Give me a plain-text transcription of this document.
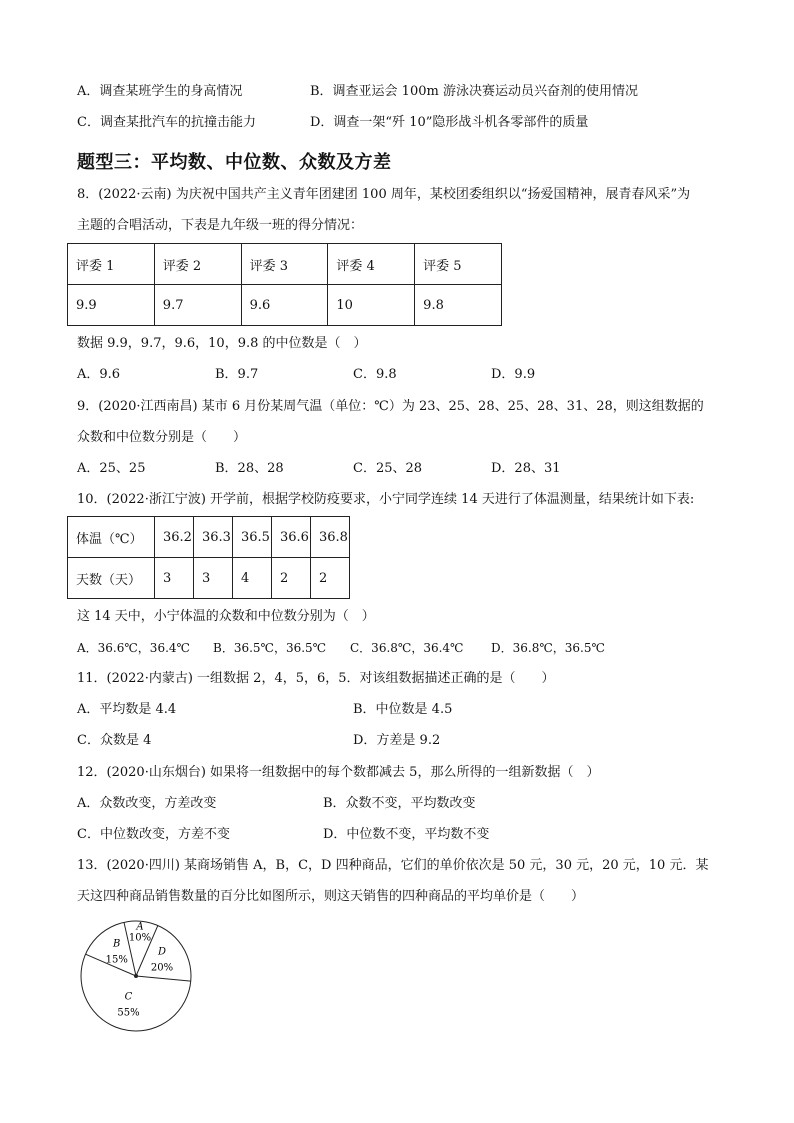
A．调查某班学生的身高情况	B．调查亚运会 100m 游泳决赛运动员兴奋剂的使用情况
C．调查某批汽车的抗撞击能力	D．调查一架“歼 10”隐形战斗机各零部件的质量
题型三：平均数、中位数、众数及方差
8．(2022·云南) 为庆祝中国共产主义青年团建团 100 周年，某校团委组织以“扬爱国精神，展青春风采”为
主题的合唱活动，下表是九年级一班的得分情况：
评委 1	评委 2	评委 3	评委 4	评委 5
9.9	9.7	9.6	10	9.8
数据 9.9，9.7，9.6，10，9.8 的中位数是（　）
A．9.6	B．9.7	C．9.8	D．9.9
9．(2020·江西南昌) 某市 6 月份某周气温（单位：℃）为 23、25、28、25、28、31、28，则这组数据的
众数和中位数分别是（　　）
A．25、25	B．28、28	C．25、28	D．28、31
10．(2022·浙江宁波) 开学前，根据学校防疫要求，小宁同学连续 14 天进行了体温测量，结果统计如下表:
体温（℃）	36.2	36.3	36.5	36.6	36.8
天数（天）	3	3	4	2	2
这 14 天中，小宁体温的众数和中位数分别为（　）
A．36.6℃，36.4℃ B．36.5℃，36.5℃ C．36.8℃，36.4℃ D．36.8℃，36.5℃
11．(2022·内蒙古) 一组数据 2，4，5，6，5．对该组数据描述正确的是（　　）
A．平均数是 4.4	B．中位数是 4.5
C．众数是 4	D．方差是 9.2
12．(2020·山东烟台) 如果将一组数据中的每个数都减去 5，那么所得的一组新数据（　）
A．众数改变，方差改变	B．众数不变，平均数改变
C．中位数改变，方差不变	D．中位数不变，平均数不变
13．(2020·四川) 某商场销售 A，B，C，D 四种商品，它们的单价依次是 50 元，30 元，20 元，10 元．某
天这四种商品销售数量的百分比如图所示，则这天销售的四种商品的平均单价是（　　）
A
10%
D
20%
C
55%
B
15%
